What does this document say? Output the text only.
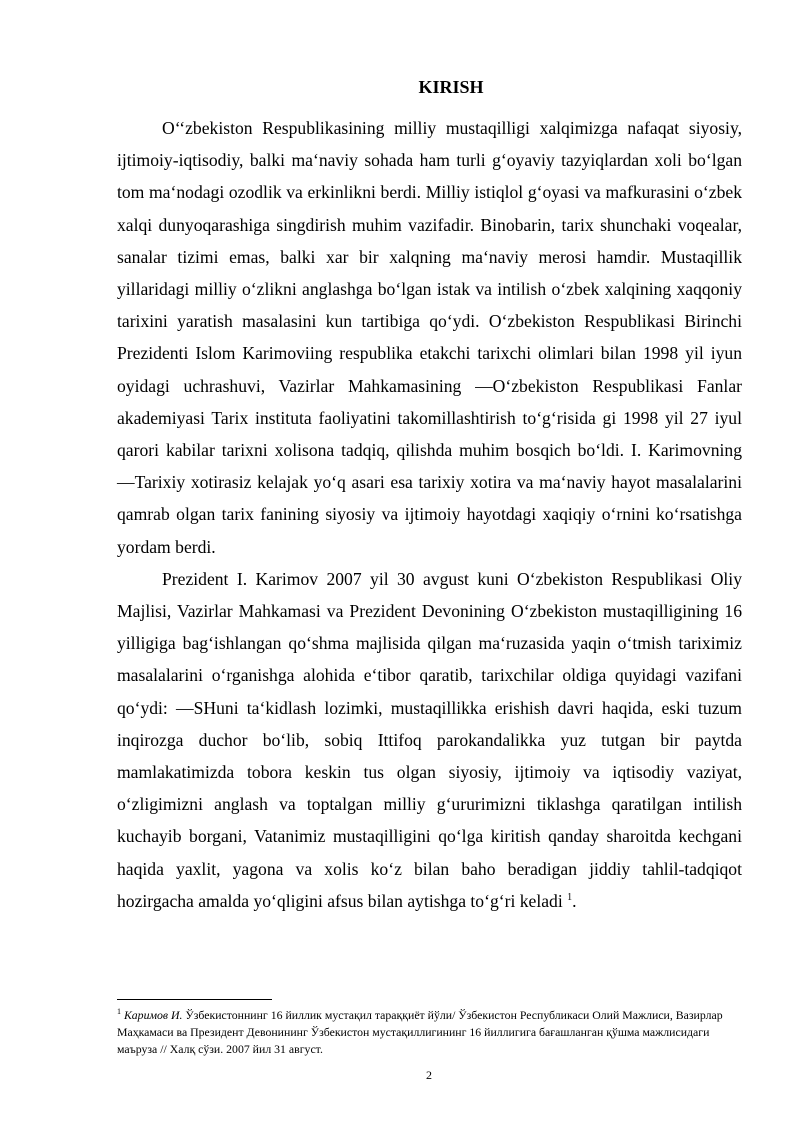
KIRISH

O‘‘zbekiston Respublikasining milliy mustaqilligi xalqimizga nafaqat siyosiy, ijtimoiy-iqtisodiy, balki ma‘naviy sohada ham turli g‘oyaviy tazyiqlardan xoli bo‘lgan tom ma‘nodagi ozodlik va erkinlikni berdi. Milliy istiqlol g‘oyasi va mafkurasini o‘zbek xalqi dunyoqarashiga singdirish muhim vazifadir. Binobarin, tarix shunchaki voqealar, sanalar tizimi emas, balki xar bir xalqning ma‘naviy merosi hamdir. Mustaqillik yillaridagi milliy o‘zlikni anglashga bo‘lgan istak va intilish o‘zbek xalqining xaqqoniy tarixini yaratish masalasini kun tartibiga qo‘ydi. O‘zbekiston Respublikasi Birinchi Prezidenti Islom Karimoviing respublika etakchi tarixchi olimlari bilan 1998 yil iyun oyidagi uchrashuvi, Vazirlar Mahkamasining ―O‘zbekiston Respublikasi Fanlar akademiyasi Tarix instituta faoliyatini takomillashtirish to‘g‘risida gi 1998 yil 27 iyul qarori kabilar tarixni xolisona tadqiq, qilishda muhim bosqich bo‘ldi. I. Karimovning ―Tarixiy xotirasiz kelajak yo‘q asari esa tarixiy xotira va ma‘naviy hayot masalalarini qamrab olgan tarix fanining siyosiy va ijtimoiy hayotdagi xaqiqiy o‘rnini ko‘rsatishga yordam berdi.

Prezident I. Karimov 2007 yil 30 avgust kuni O‘zbekiston Respublikasi Oliy Majlisi, Vazirlar Mahkamasi va Prezident Devonining O‘zbekiston mustaqilligining 16 yilligiga bag‘ishlangan qo‘shma majlisida qilgan ma‘ruzasida yaqin o‘tmish tariximiz masalalarini o‘rganishga alohida e‘tibor qaratib, tarixchilar oldiga quyidagi vazifani qo‘ydi: ―SHuni ta‘kidlash lozimki, mustaqillikka erishish davri haqida, eski tuzum inqirozga duchor bo‘lib, sobiq Ittifoq parokandalikka yuz tutgan bir paytda mamlakatimizda tobora keskin tus olgan siyosiy, ijtimoiy va iqtisodiy vaziyat, o‘zligimizni anglash va toptalgan milliy g‘ururimizni tiklashga qaratilgan intilish kuchayib borgani, Vatanimiz mustaqilligini qo‘lga kiritish qanday sharoitda kechgani haqida yaxlit, yagona va xolis ko‘z bilan baho beradigan jiddiy tahlil-tadqiqot hozirgacha amalda yo‘qligini afsus bilan aytishga to‘g‘ri keladi $^1$.

$^1$ Каримов И. Ўзбекистоннинг 16 йиллик мустақил тараққиёт йўли/ Ўзбекистон Республикаси Олий Мажлиси, Вазирлар Маҳкамаси ва Президент Девонининг Ўзбекистон мустақиллигининг 16 йиллигига бағашланган қўшма мажлисидаги маъруза // Халқ сўзи. 2007 йил 31 август.
2
